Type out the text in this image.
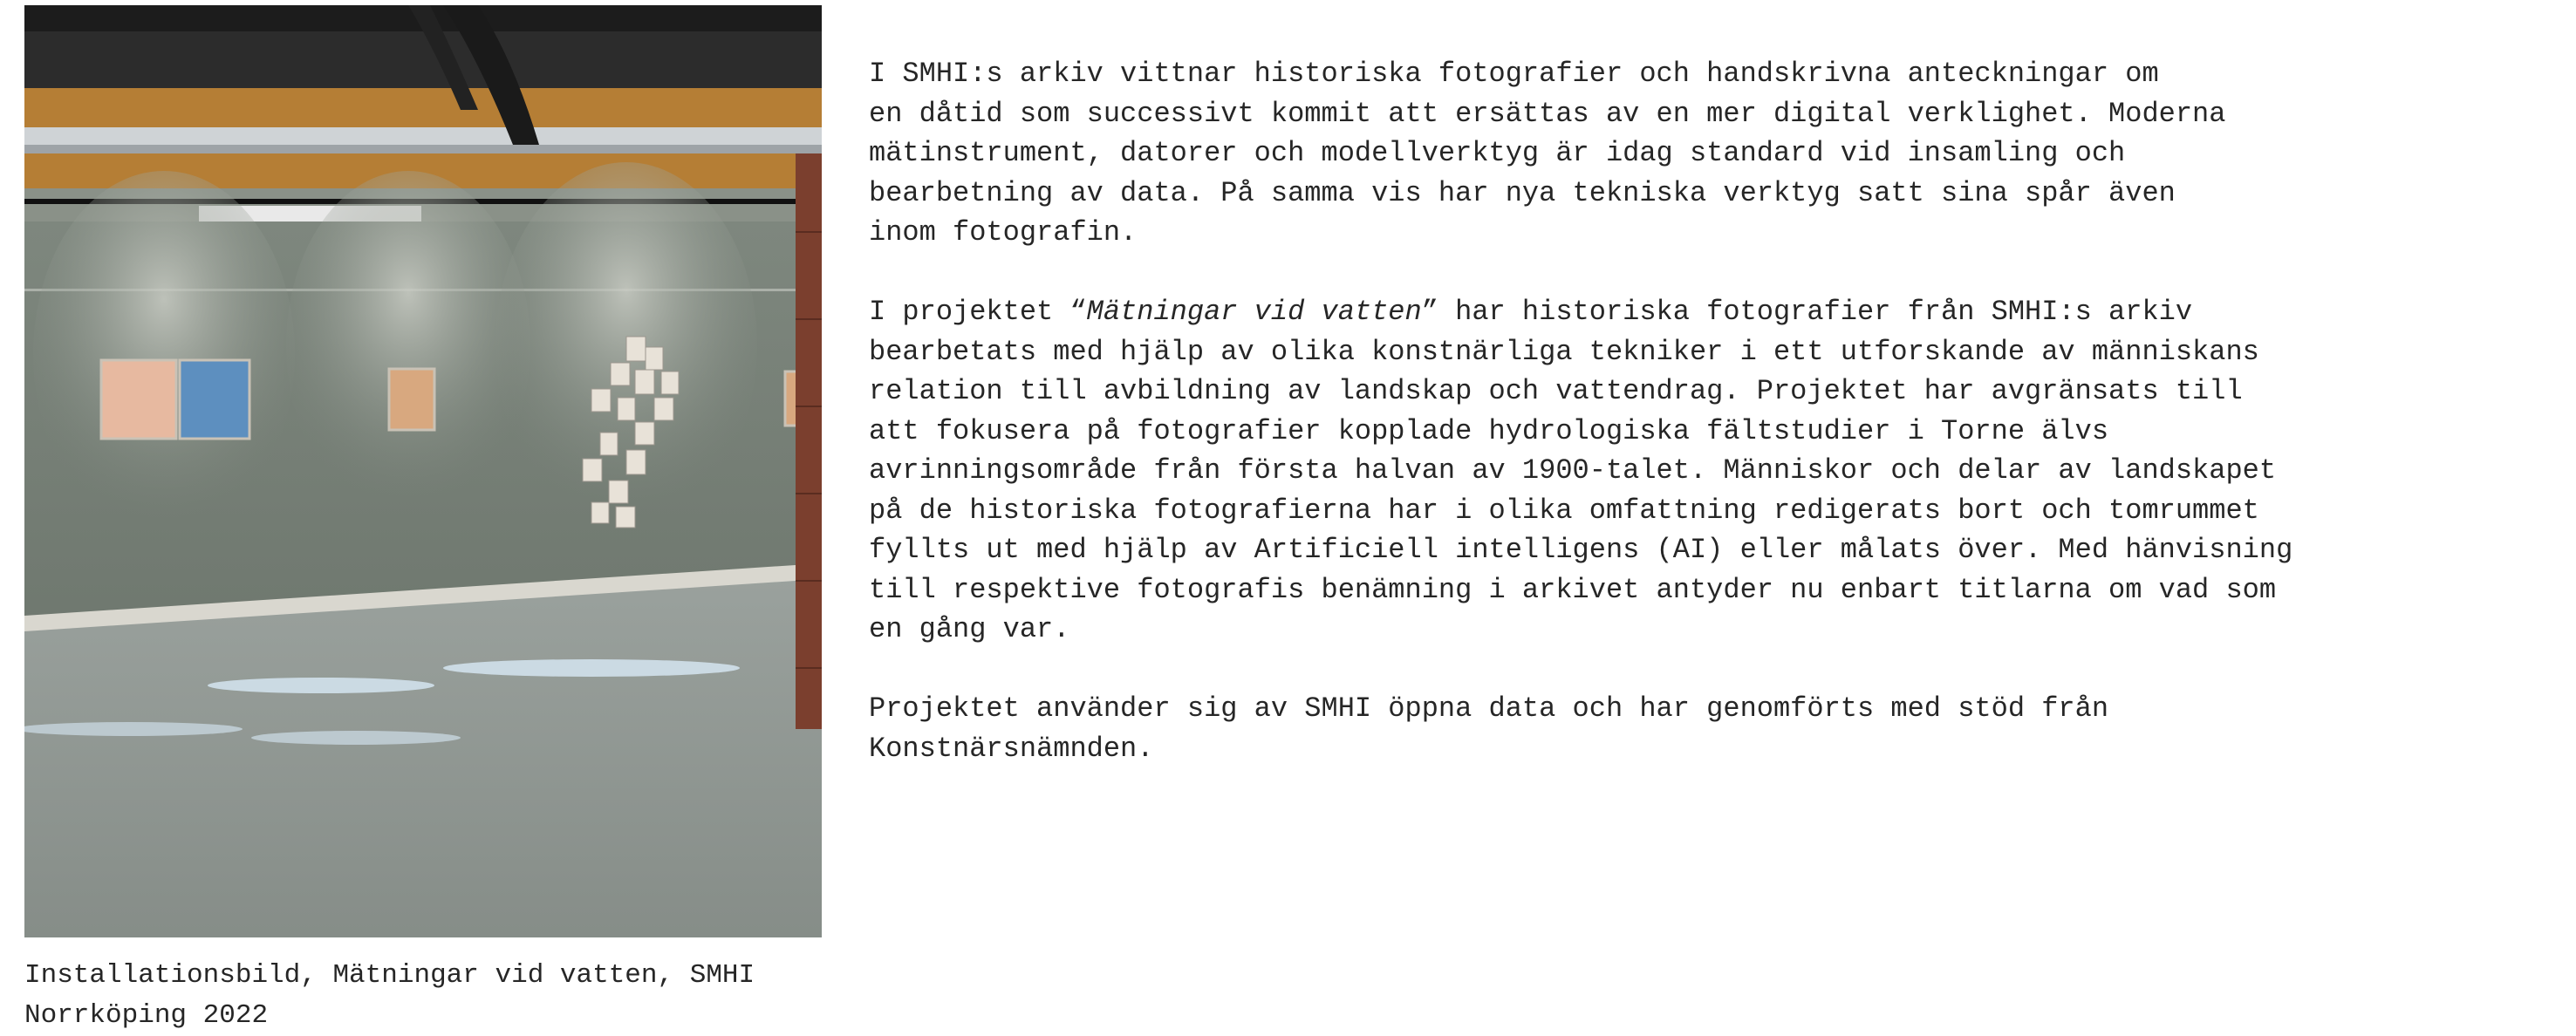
Installationsbild, Mätningar vid vatten, SMHI
Norrköping 2022

I SMHI:s arkiv vittnar historiska fotografier och handskrivna anteckningar om
en dåtid som successivt kommit att ersättas av en mer digital verklighet. Moderna
mätinstrument, datorer och modellverktyg är idag standard vid insamling och
bearbetning av data. På samma vis har nya tekniska verktyg satt sina spår även
inom fotografin.

I projektet “Mätningar vid vatten” har historiska fotografier från SMHI:s arkiv
bearbetats med hjälp av olika konstnärliga tekniker i ett utforskande av människans
relation till avbildning av landskap och vattendrag. Projektet har avgränsats till
att fokusera på fotografier kopplade hydrologiska fältstudier i Torne älvs
avrinningsområde från första halvan av 1900-talet. Människor och delar av landskapet
på de historiska fotografierna har i olika omfattning redigerats bort och tomrummet
fyllts ut med hjälp av Artificiell intelligens (AI) eller målats över. Med hänvisning
till respektive fotografis benämning i arkivet antyder nu enbart titlarna om vad som
en gång var.

Projektet använder sig av SMHI öppna data och har genomförts med stöd från
Konstnärsnämnden.
